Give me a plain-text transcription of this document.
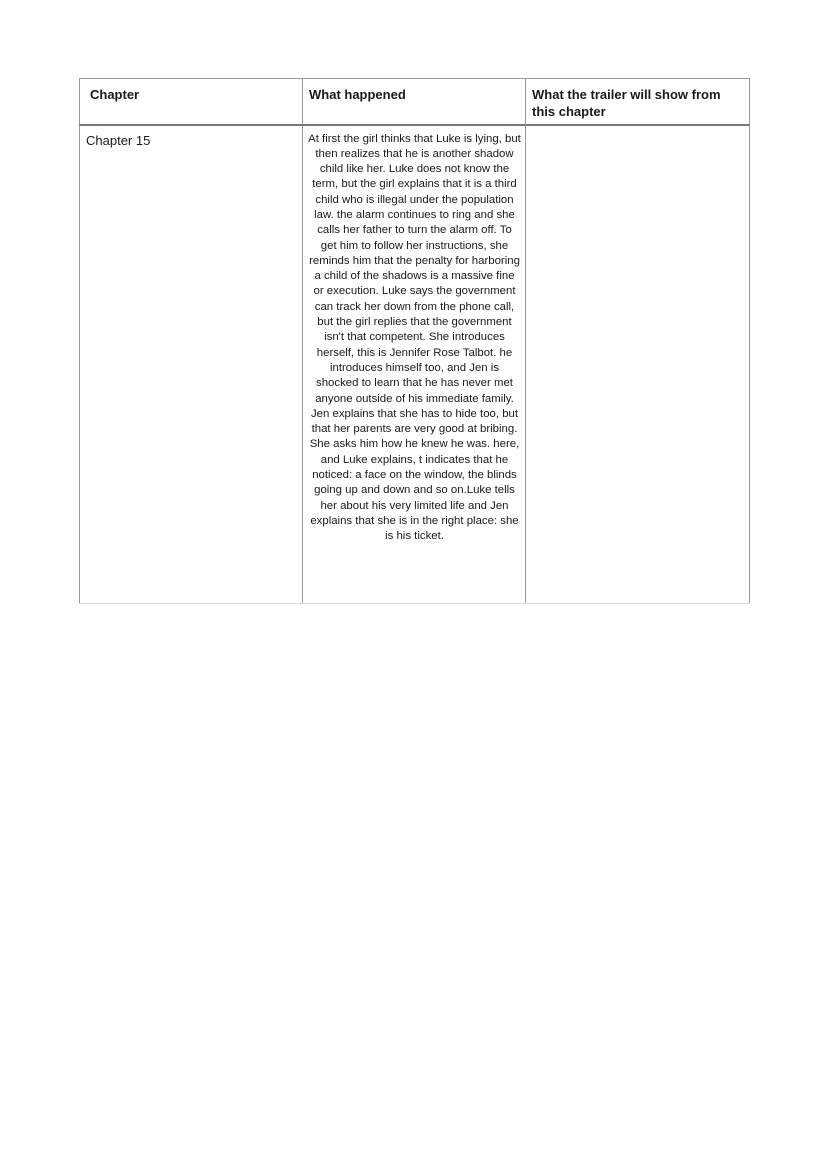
Chapter	What happened	What the trailer will show from this chapter
Chapter 15	At first the girl thinks that Luke is lying, but then realizes that he is another shadow child like her. Luke does not know the term, but the girl explains that it is a third child who is illegal under the population law. the alarm continues to ring and she calls her father to turn the alarm off. To get him to follow her instructions, she reminds him that the penalty for harboring a child of the shadows is a massive fine or execution. Luke says the government can track her down from the phone call, but the girl replies that the government isn't that competent. She introduces herself, this is Jennifer Rose Talbot. he introduces himself too, and Jen is shocked to learn that he has never met anyone outside of his immediate family. Jen explains that she has to hide too, but that her parents are very good at bribing. She asks him how he knew he was. here, and Luke explains, t indicates that he noticed: a face on the window, the blinds going up and down and so on.Luke tells her about his very limited life and Jen explains that she is in the right place: she is his ticket.	
